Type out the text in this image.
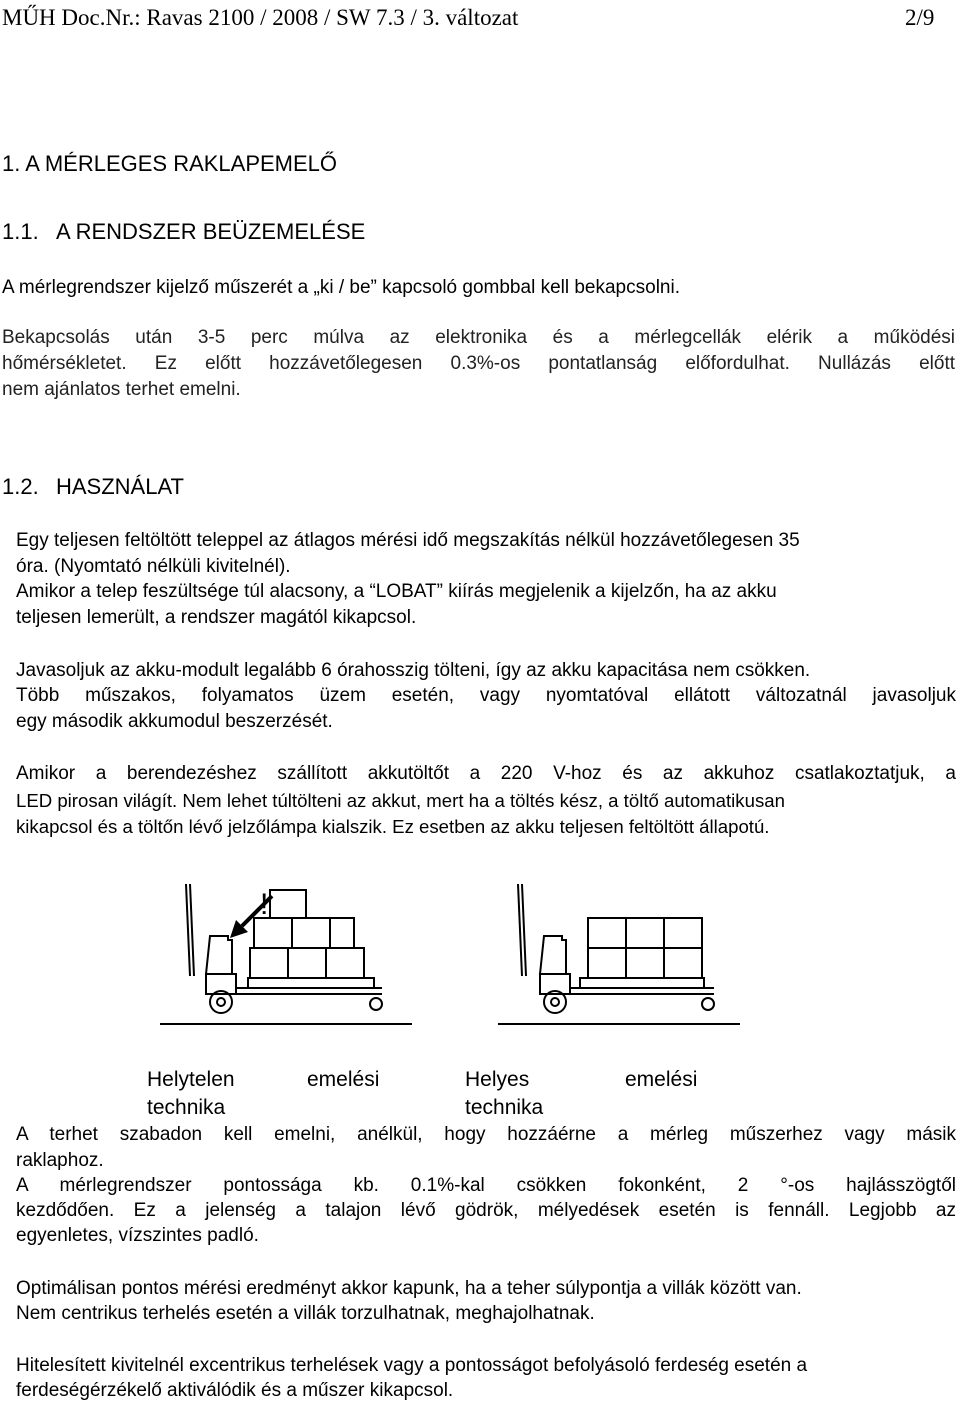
MŰH Doc.Nr.: Ravas 2100 / 2008 / SW 7.3 / 3. változat	2/9
1. A MÉRLEGES RAKLAPEMELŐ
1.1. A RENDSZER BEÜZEMELÉSE
A mérlegrendszer kijelző műszerét a „ki / be” kapcsoló gombbal kell bekapcsolni.
Bekapcsolás után 3-5 perc múlva az elektronika és a mérlegcellák elérik a működési
hőmérsékletet. Ez előtt hozzávetőlegesen 0.3%-os pontatlanság előfordulhat. Nullázás előtt
nem ajánlatos terhet emelni.
1.2. HASZNÁLAT
Egy teljesen feltöltött teleppel az átlagos mérési idő megszakítás nélkül hozzávetőlegesen 35
óra. (Nyomtató nélküli kivitelnél).
Amikor a telep feszültsége túl alacsony, a “LOBAT” kiírás megjelenik a kijelzőn, ha az akku
teljesen lemerült, a rendszer magától kikapcsol.
Javasoljuk az akku-modult legalább 6 órahosszig tölteni, így az akku kapacitása nem csökken.
Több műszakos, folyamatos üzem esetén, vagy nyomtatóval ellátott változatnál javasoljuk
egy második akkumodul beszerzését.
Amikor a berendezéshez szállított akkutöltőt a 220 V-hoz és az akkuhoz csatlakoztatjuk, a
LED pirosan világít. Nem lehet túltölteni az akkut, mert ha a töltés kész, a töltő automatikusan
kikapcsol és a töltőn lévő jelzőlámpa kialszik. Ez esetben az akku teljesen feltöltött állapotú.
!
Helytelen	emelési
technika
Helyes	emelési
technika
A terhet szabadon kell emelni, anélkül, hogy hozzáérne a mérleg műszerhez vagy másik
raklaphoz.
A mérlegrendszer pontossága kb. 0.1%-kal csökken fokonként, 2 °-os hajlásszögtől
kezdődően. Ez a jelenség a talajon lévő gödrök, mélyedések esetén is fennáll. Legjobb az
egyenletes, vízszintes padló.
Optimálisan pontos mérési eredményt akkor kapunk, ha a teher súlypontja a villák között van.
Nem centrikus terhelés esetén a villák torzulhatnak, meghajolhatnak.
Hitelesített kivitelnél excentrikus terhelések vagy a pontosságot befolyásoló ferdeség esetén a
ferdeségérzékelő aktiválódik és a műszer kikapcsol.
